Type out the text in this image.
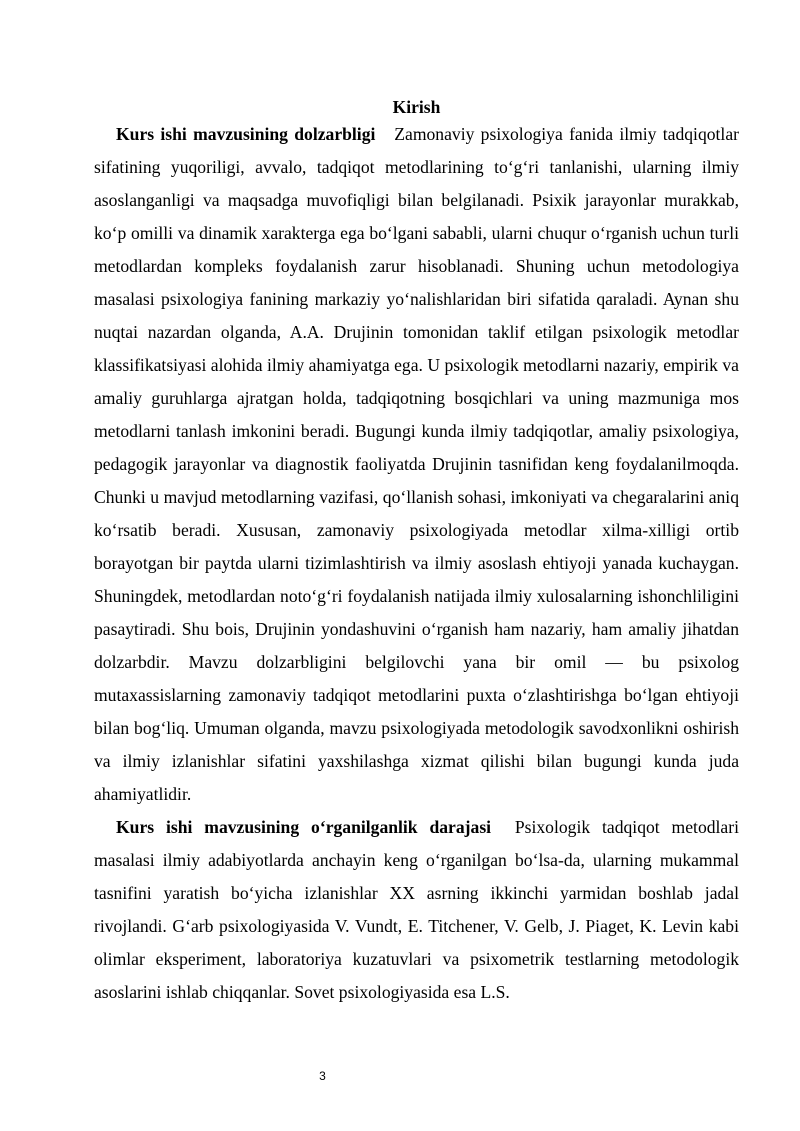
Kirish

Kurs ishi mavzusining dolzarbligi Zamonaviy psixologiya fanida ilmiy tadqiqotlar sifatining yuqoriligi, avvalo, tadqiqot metodlarining to‘g‘ri tanlanishi, ularning ilmiy asoslanganligi va maqsadga muvofiqligi bilan belgilanadi. Psixik jarayonlar murakkab, ko‘p omilli va dinamik xarakterga ega bo‘lgani sababli, ularni chuqur o‘rganish uchun turli metodlardan kompleks foydalanish zarur hisoblanadi. Shuning uchun metodologiya masalasi psixologiya fanining markaziy yo‘nalishlaridan biri sifatida qaraladi. Aynan shu nuqtai nazardan olganda, A.A. Drujinin tomonidan taklif etilgan psixologik metodlar klassifikatsiyasi alohida ilmiy ahamiyatga ega. U psixologik metodlarni nazariy, empirik va amaliy guruhlarga ajratgan holda, tadqiqotning bosqichlari va uning mazmuniga mos metodlarni tanlash imkonini beradi. Bugungi kunda ilmiy tadqiqotlar, amaliy psixologiya, pedagogik jarayonlar va diagnostik faoliyatda Drujinin tasnifidan keng foydalanilmoqda. Chunki u mavjud metodlarning vazifasi, qo‘llanish sohasi, imkoniyati va chegaralarini aniq ko‘rsatib beradi. Xususan, zamonaviy psixologiyada metodlar xilma-xilligi ortib borayotgan bir paytda ularni tizimlashtirish va ilmiy asoslash ehtiyoji yanada kuchaygan. Shuningdek, metodlardan noto‘g‘ri foydalanish natijada ilmiy xulosalarning ishonchliligini pasaytiradi. Shu bois, Drujinin yondashuvini o‘rganish ham nazariy, ham amaliy jihatdan dolzarbdir. Mavzu dolzarbligini belgilovchi yana bir omil — bu psixolog mutaxassislarning zamonaviy tadqiqot metodlarini puxta o‘zlashtirishga bo‘lgan ehtiyoji bilan bog‘liq. Umuman olganda, mavzu psixologiyada metodologik savodxonlikni oshirish va ilmiy izlanishlar sifatini yaxshilashga xizmat qilishi bilan bugungi kunda juda ahamiyatlidir.

Kurs ishi mavzusining o‘rganilganlik darajasi Psixologik tadqiqot metodlari masalasi ilmiy adabiyotlarda anchayin keng o‘rganilgan bo‘lsa-da, ularning mukammal tasnifini yaratish bo‘yicha izlanishlar XX asrning ikkinchi yarmidan boshlab jadal rivojlandi. G‘arb psixologiyasida V. Vundt, E. Titchener, V. Gelb, J. Piaget, K. Levin kabi olimlar eksperiment, laboratoriya kuzatuvlari va psixometrik testlarning metodologik asoslarini ishlab chiqqanlar. Sovet psixologiyasida esa L.S.

3
